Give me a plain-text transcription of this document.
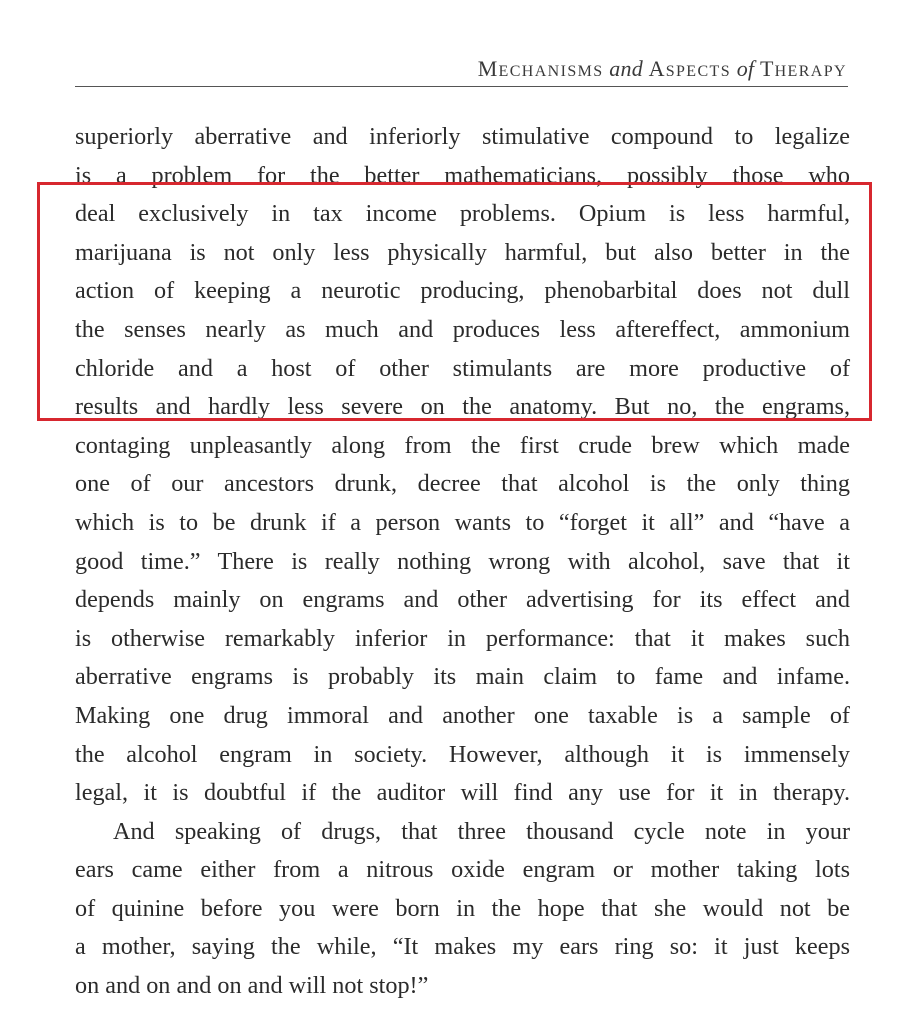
MECHANISMS and ASPECTS of THERAPY
superiorly aberrative and inferiorly stimulative compound to legalize
is a problem for the better mathematicians, possibly those who
deal exclusively in tax income problems. Opium is less harmful,
marijuana is not only less physically harmful, but also better in the
action of keeping a neurotic producing, phenobarbital does not dull
the senses nearly as much and produces less aftereffect, ammonium
chloride and a host of other stimulants are more productive of
results and hardly less severe on the anatomy. But no, the engrams,
contaging unpleasantly along from the first crude brew which made
one of our ancestors drunk, decree that alcohol is the only thing
which is to be drunk if a person wants to “forget it all” and “have a
good time.” There is really nothing wrong with alcohol, save that it
depends mainly on engrams and other advertising for its effect and
is otherwise remarkably inferior in performance: that it makes such
aberrative engrams is probably its main claim to fame and infame.
Making one drug immoral and another one taxable is a sample of
the alcohol engram in society. However, although it is immensely
legal, it is doubtful if the auditor will find any use for it in therapy.
And speaking of drugs, that three thousand cycle note in your
ears came either from a nitrous oxide engram or mother taking lots
of quinine before you were born in the hope that she would not be
a mother, saying the while, “It makes my ears ring so: it just keeps
on and on and on and will not stop!”
